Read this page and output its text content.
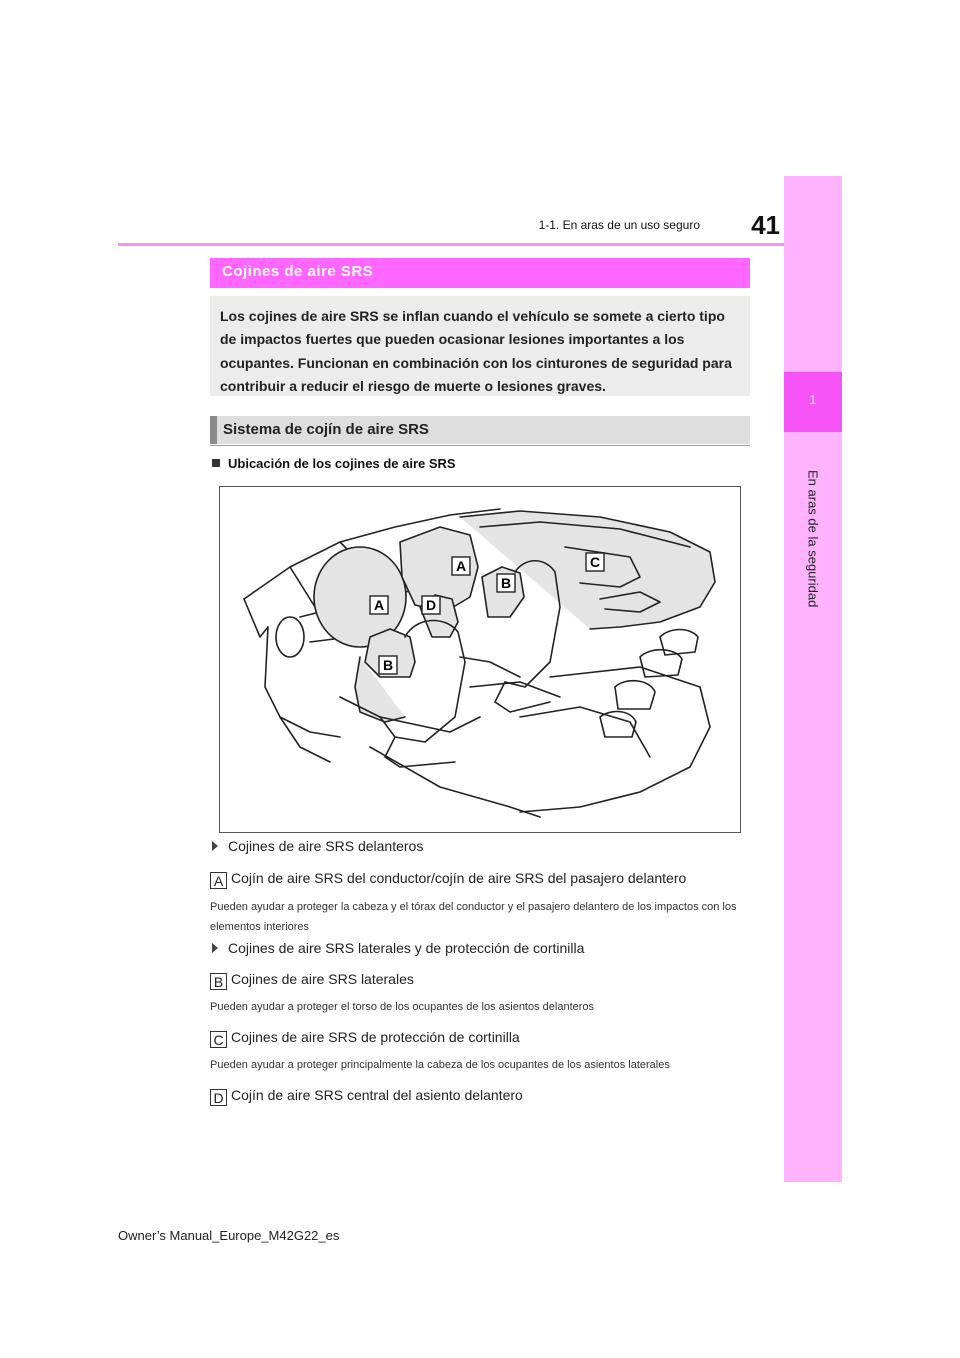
1
En aras de la seguridad
1-1. En aras de un uso seguro	41
Cojines de aire SRS

Los cojines de aire SRS se inflan cuando el vehículo se somete a cierto tipo de impactos fuertes que pueden ocasionar lesiones importantes a los ocupantes. Funcionan en combinación con los cinturones de seguridad para contribuir a reducir el riesgo de muerte o lesiones graves.

Sistema de cojín de aire SRS
Ubicación de los cojines de aire SRS
A	D
B
A
B
C
Cojines de aire SRS delanteros
A Cojín de aire SRS del conductor/cojín de aire SRS del pasajero delantero
Pueden ayudar a proteger la cabeza y el tórax del conductor y el pasajero delantero de los impactos con los elementos interiores
Cojines de aire SRS laterales y de protección de cortinilla
B Cojines de aire SRS laterales
Pueden ayudar a proteger el torso de los ocupantes de los asientos delanteros
C Cojines de aire SRS de protección de cortinilla
Pueden ayudar a proteger principalmente la cabeza de los ocupantes de los asientos laterales
D Cojín de aire SRS central del asiento delantero
Owner’s Manual_Europe_M42G22_es
